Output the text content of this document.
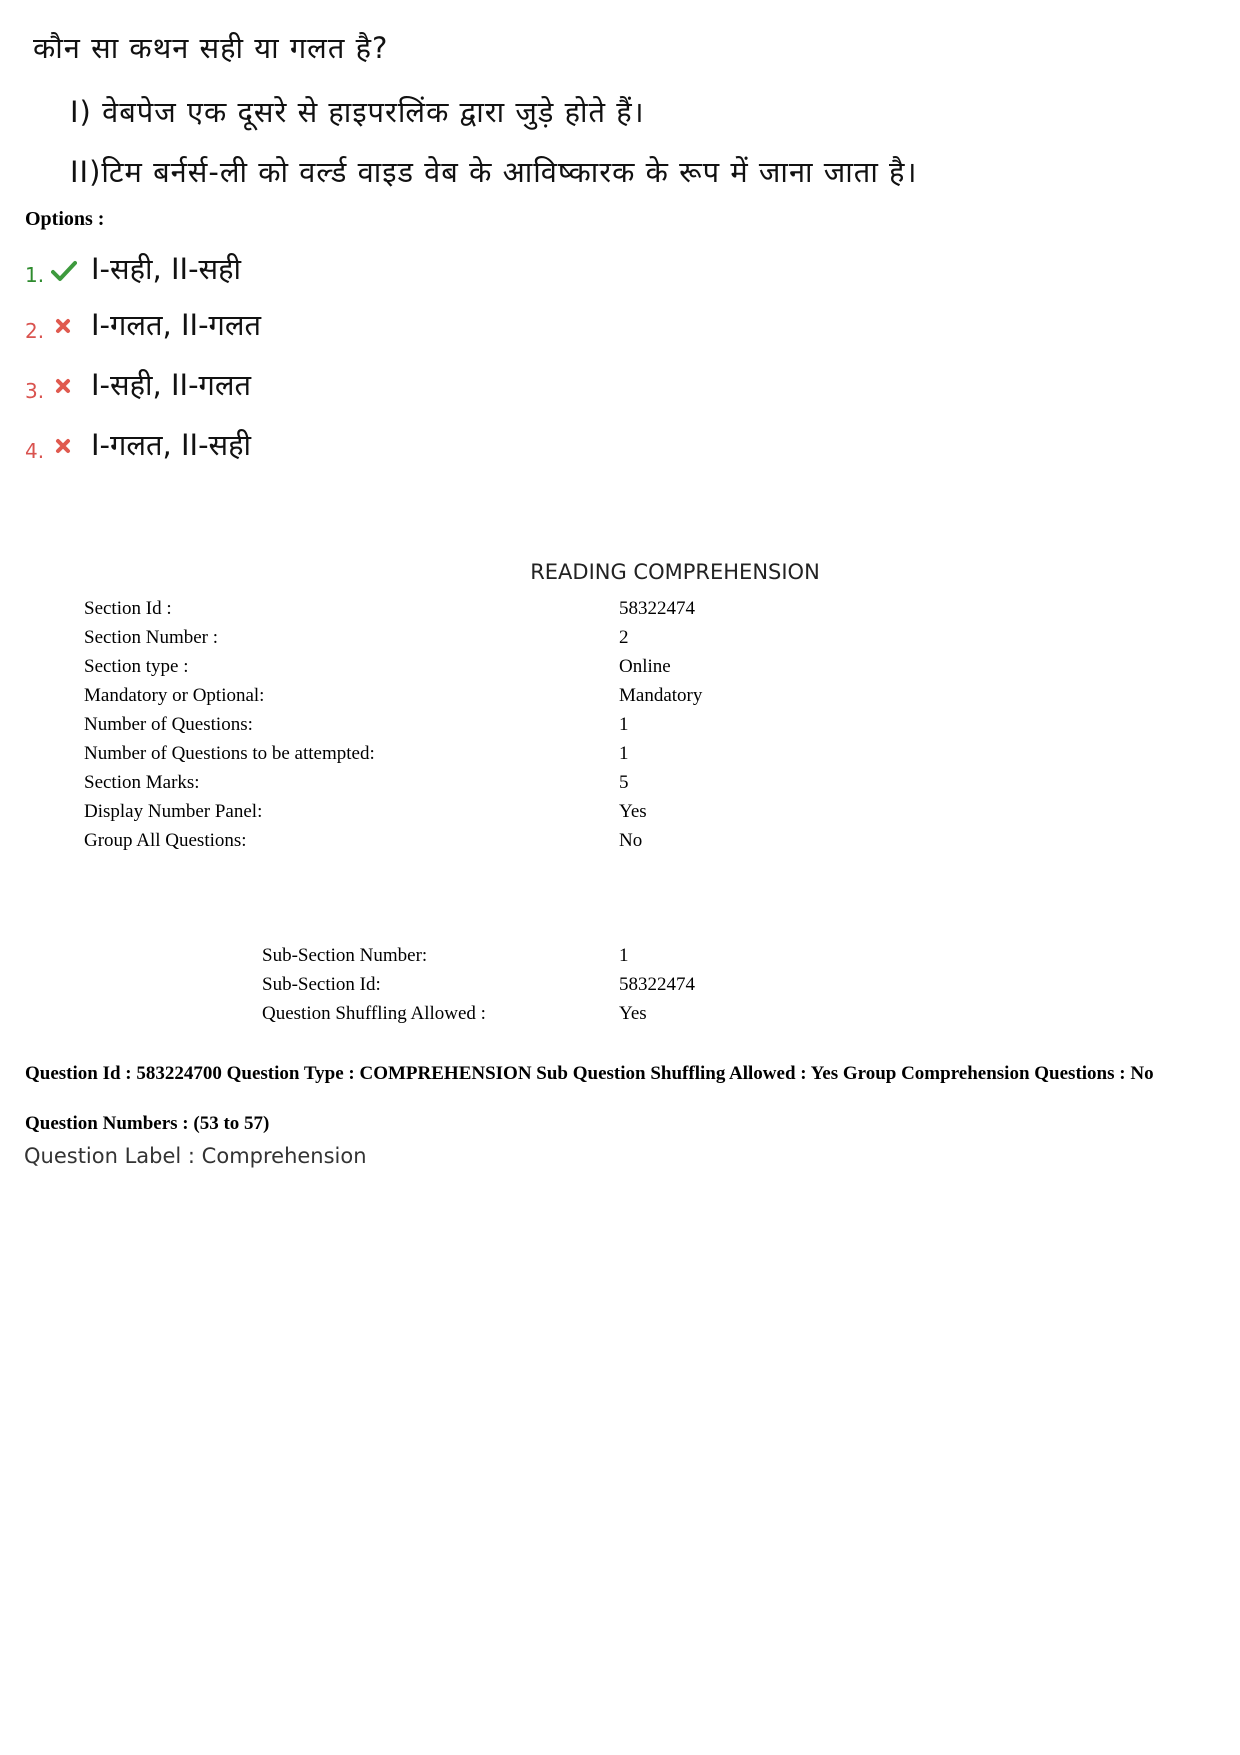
कौन सा कथन सही या गलत है?
I) वेबपेज एक दूसरे से हाइपरलिंक द्वारा जुड़े होते हैं।
II)टिम बर्नर्स-ली को वर्ल्ड वाइड वेब के आविष्कारक के रूप में जाना जाता है।
Options :
1. I-सही, II-सही
2. I-गलत, II-गलत
3. I-सही, II-गलत
4. I-गलत, II-सही
READING COMPREHENSION
Section Id :	58322474
Section Number :	2
Section type :	Online
Mandatory or Optional:	Mandatory
Number of Questions:	1
Number of Questions to be attempted:	1
Section Marks:	5
Display Number Panel:	Yes
Group All Questions:	No
Sub-Section Number:	1
Sub-Section Id:	58322474
Question Shuffling Allowed :	Yes
Question Id : 583224700 Question Type : COMPREHENSION Sub Question Shuffling Allowed : Yes Group Comprehension Questions : No
Question Numbers : (53 to 57)
Question Label : Comprehension
